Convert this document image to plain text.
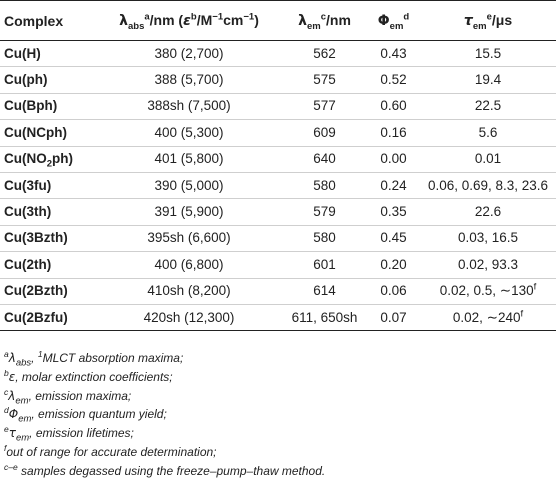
Complex	$\lambda_{abs}^a/nm$ $(\varepsilon^b/M^{-1}cm^{-1})$	$\lambda_{em}^c/nm$	$\Phi_{em}^d$	$\tau_{em}^e/\mu s$
Cu(H)	380 (2,700)	562	0.43	15.5
Cu(ph)	388 (5,700)	575	0.52	19.4
Cu(Bph)	388sh (7,500)	577	0.60	22.5
Cu(NCph)	400 (5,300)	609	0.16	5.6
$Cu(NO_2ph)$	401 (5,800)	640	0.00	0.01
Cu(3fu)	390 (5,000)	580	0.24	0.06, 0.69, 8.3, 23.6
Cu(3th)	391 (5,900)	579	0.35	22.6
Cu(3Bzth)	395sh (6,600)	580	0.45	0.03, 16.5
Cu(2th)	400 (6,800)	601	0.20	0.02, 93.3
Cu(2Bzth)	410sh (8,200)	614	0.06	0.02, 0.5, ∼130$^f$
Cu(2Bzfu)	420sh (12,300)	611, 650sh	0.07	0.02, ∼240$^f$
$^a\lambda_{abs}$, $^1$MLCT absorption maxima;
$^b$ε, molar extinction coefficients;
$^c\lambda_{em}$, emission maxima;
$^d\Phi_{em}$, emission quantum yield;
$^e\tau_{em}$, emission lifetimes;
$^f$out of range for accurate determination;
$^{c-e}$ samples degassed using the freeze–pump–thaw method.
